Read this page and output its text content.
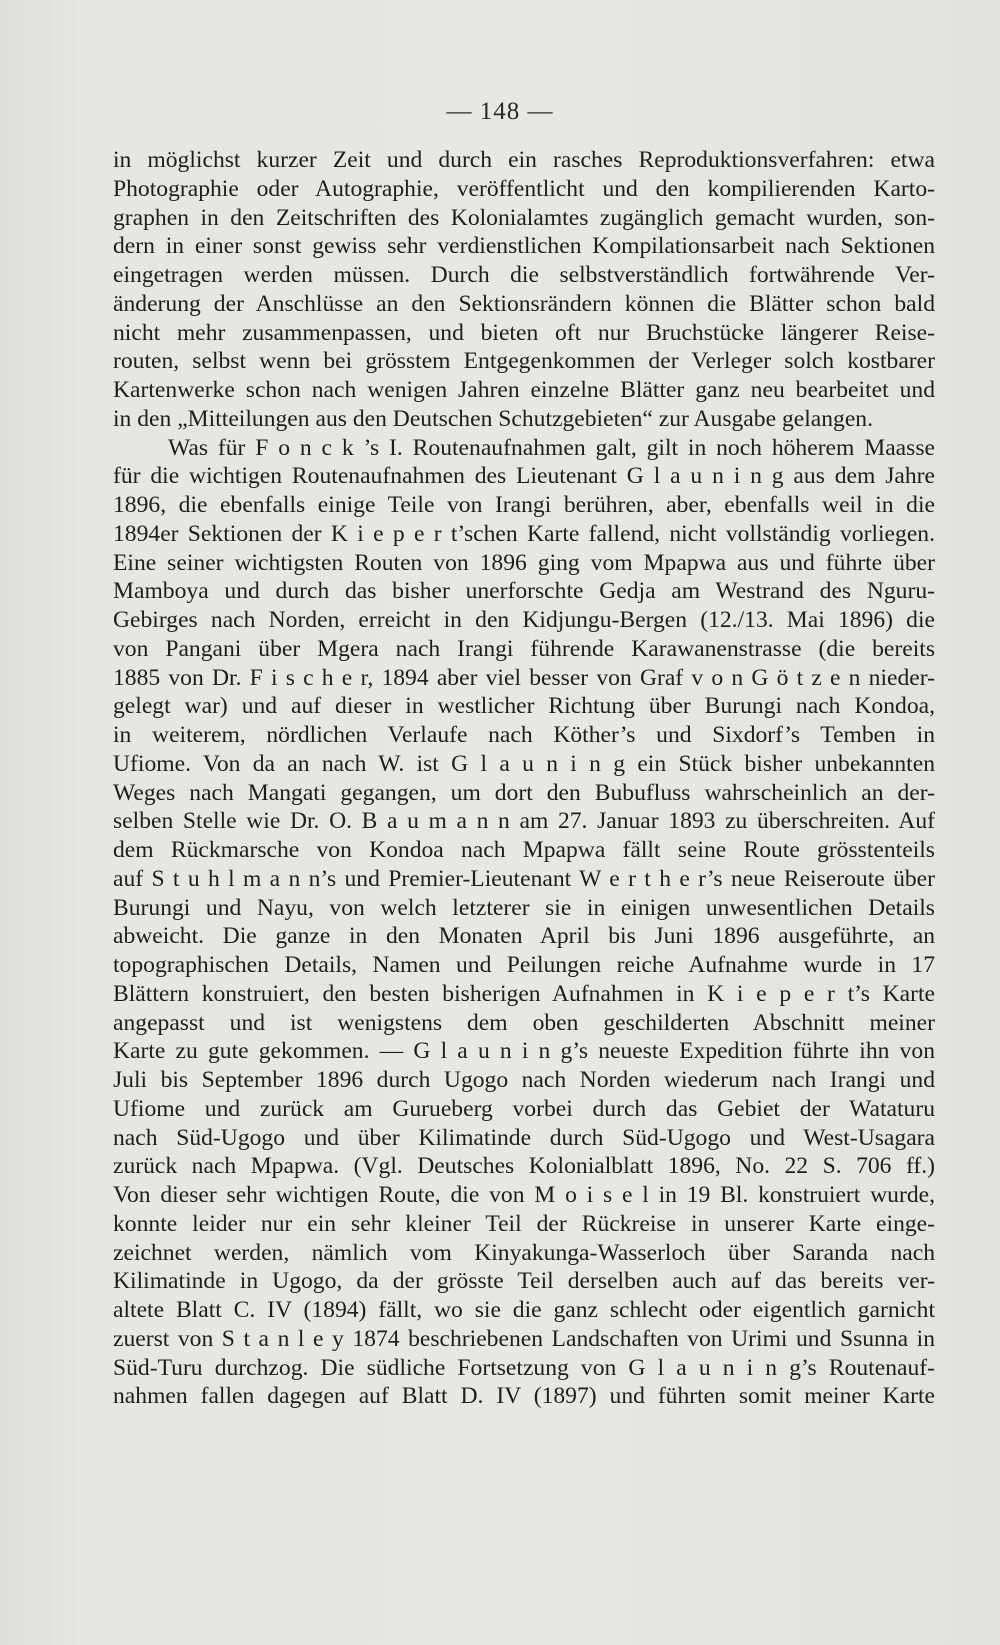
— 148 —
in möglichst kurzer Zeit und durch ein rasches Reproduktionsverfahren: etwa
Photographie oder Autographie, veröffentlicht und den kompilierenden Karto-
graphen in den Zeitschriften des Kolonialamtes zugänglich gemacht wurden, son-
dern in einer sonst gewiss sehr verdienstlichen Kompilationsarbeit nach Sektionen
eingetragen werden müssen. Durch die selbstverständlich fortwährende Ver-
änderung der Anschlüsse an den Sektionsrändern können die Blätter schon bald
nicht mehr zusammenpassen, und bieten oft nur Bruchstücke längerer Reise-
routen, selbst wenn bei grösstem Entgegenkommen der Verleger solch kostbarer
Kartenwerke schon nach wenigen Jahren einzelne Blätter ganz neu bearbeitet und
in den „Mitteilungen aus den Deutschen Schutzgebieten“ zur Ausgabe gelangen.
Was für F o n c k ’s I. Routenaufnahmen galt, gilt in noch höherem Maasse
für die wichtigen Routenaufnahmen des Lieutenant G l a u n i n g aus dem Jahre
1896, die ebenfalls einige Teile von Irangi berühren, aber, ebenfalls weil in die
1894er Sektionen der K i e p e r t’schen Karte fallend, nicht vollständig vorliegen.
Eine seiner wichtigsten Routen von 1896 ging vom Mpapwa aus und führte über
Mamboya und durch das bisher unerforschte Gedja am Westrand des Nguru-
Gebirges nach Norden, erreicht in den Kidjungu-Bergen (12./13. Mai 1896) die
von Pangani über Mgera nach Irangi führende Karawanenstrasse (die bereits
1885 von Dr. F i s c h e r, 1894 aber viel besser von Graf v o n G ö t z e n nieder-
gelegt war) und auf dieser in westlicher Richtung über Burungi nach Kondoa,
in weiterem, nördlichen Verlaufe nach Köther’s und Sixdorf’s Temben in
Ufiome. Von da an nach W. ist G l a u n i n g ein Stück bisher unbekannten
Weges nach Mangati gegangen, um dort den Bubufluss wahrscheinlich an der-
selben Stelle wie Dr. O. B a u m a n n am 27. Januar 1893 zu überschreiten. Auf
dem Rückmarsche von Kondoa nach Mpapwa fällt seine Route grösstenteils
auf S t u h l m a n n’s und Premier-Lieutenant W e r t h e r’s neue Reiseroute über
Burungi und Nayu, von welch letzterer sie in einigen unwesentlichen Details
abweicht. Die ganze in den Monaten April bis Juni 1896 ausgeführte, an
topographischen Details, Namen und Peilungen reiche Aufnahme wurde in 17
Blättern konstruiert, den besten bisherigen Aufnahmen in K i e p e r t’s Karte
angepasst und ist wenigstens dem oben geschilderten Abschnitt meiner
Karte zu gute gekommen. — G l a u n i n g’s neueste Expedition führte ihn von
Juli bis September 1896 durch Ugogo nach Norden wiederum nach Irangi und
Ufiome und zurück am Gurueberg vorbei durch das Gebiet der Wataturu
nach Süd-Ugogo und über Kilimatinde durch Süd-Ugogo und West-Usagara
zurück nach Mpapwa. (Vgl. Deutsches Kolonialblatt 1896, No. 22 S. 706 ff.)
Von dieser sehr wichtigen Route, die von M o i s e l in 19 Bl. konstruiert wurde,
konnte leider nur ein sehr kleiner Teil der Rückreise in unserer Karte einge-
zeichnet werden, nämlich vom Kinyakunga-Wasserloch über Saranda nach
Kilimatinde in Ugogo, da der grösste Teil derselben auch auf das bereits ver-
altete Blatt C. IV (1894) fällt, wo sie die ganz schlecht oder eigentlich garnicht
zuerst von S t a n l e y 1874 beschriebenen Landschaften von Urimi und Ssunna in
Süd-Turu durchzog. Die südliche Fortsetzung von G l a u n i n g’s Routenauf-
nahmen fallen dagegen auf Blatt D. IV (1897) und führten somit meiner Karte
